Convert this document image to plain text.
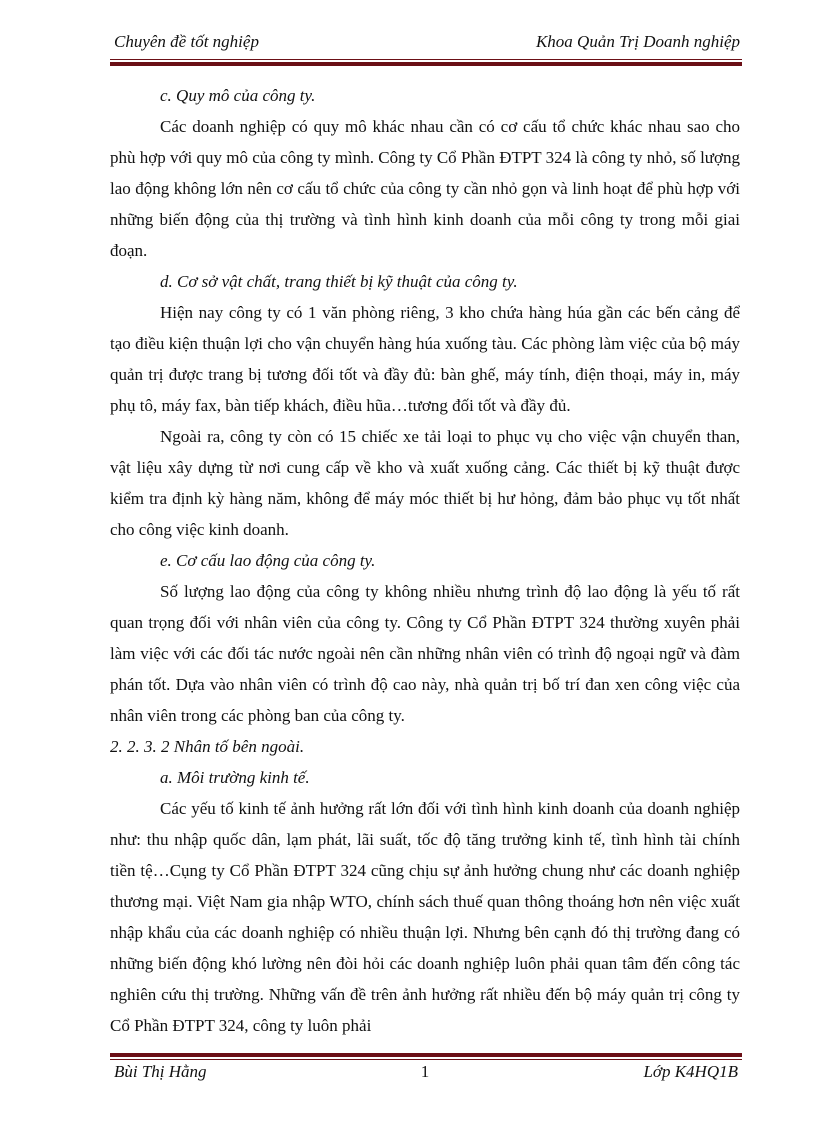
Chuyên đề tốt nghiệp	Khoa Quản Trị Doanh nghiệp

c. Quy mô của công ty.

Các doanh nghiệp có quy mô khác nhau cần có cơ cấu tổ chức khác nhau sao cho phù hợp với quy mô của công ty mình. Công ty Cổ Phần ĐTPT 324 là công ty nhỏ, số lượng lao động không lớn nên cơ cấu tổ chức của công ty cần nhỏ gọn và linh hoạt để phù hợp với những biến động của thị trường và tình hình kinh doanh của mỗi công ty trong mỗi giai đoạn.

d. Cơ sở vật chất, trang thiết bị kỹ thuật của công ty.

Hiện nay công ty có 1 văn phòng riêng, 3 kho chứa hàng húa gần các bến cảng để tạo điều kiện thuận lợi cho vận chuyển hàng húa xuống tàu. Các phòng làm việc của bộ máy quản trị được trang bị tương đối tốt và đầy đủ: bàn ghế, máy tính, điện thoại, máy in, máy phụ tô, máy fax, bàn tiếp khách, điều hũa…tương đối tốt và đầy đủ.

Ngoài ra, công ty còn có 15 chiếc xe tải loại to phục vụ cho việc vận chuyển than, vật liệu xây dựng từ nơi cung cấp về kho và xuất xuống cảng. Các thiết bị kỹ thuật được kiểm tra định kỳ hàng năm, không để máy móc thiết bị hư hỏng, đảm bảo phục vụ tốt nhất cho công việc kinh doanh.

e. Cơ cấu lao động của công ty.

Số lượng lao động của công ty không nhiều nhưng trình độ lao động là yếu tố rất quan trọng đối với nhân viên của công ty. Công ty Cổ Phần ĐTPT 324 thường xuyên phải làm việc với các đối tác nước ngoài nên cần những nhân viên có trình độ ngoại ngữ và đàm phán tốt. Dựa vào nhân viên có trình độ cao này, nhà quản trị bố trí đan xen công việc của nhân viên trong các phòng ban của công ty.

2. 2. 3. 2 Nhân tố bên ngoài.

a. Môi trường kinh tế.

Các yếu tố kinh tế ảnh hưởng rất lớn đối với tình hình kinh doanh của doanh nghiệp như: thu nhập quốc dân, lạm phát, lãi suất, tốc độ tăng trưởng kinh tế, tình hình tài chính tiền tệ…Cụng ty Cổ Phần ĐTPT 324 cũng chịu sự ảnh hưởng chung như các doanh nghiệp thương mại. Việt Nam gia nhập WTO, chính sách thuế quan thông thoáng hơn nên việc xuất nhập khẩu của các doanh nghiệp có nhiều thuận lợi. Nhưng bên cạnh đó thị trường đang có những biến động khó lường nên đòi hỏi các doanh nghiệp luôn phải quan tâm đến công tác nghiên cứu thị trường. Những vấn đề trên ảnh hưởng rất nhiều đến bộ máy quản trị công ty Cổ Phần ĐTPT 324, công ty luôn phải

Bùi Thị Hằng	1	Lớp K4HQ1B
